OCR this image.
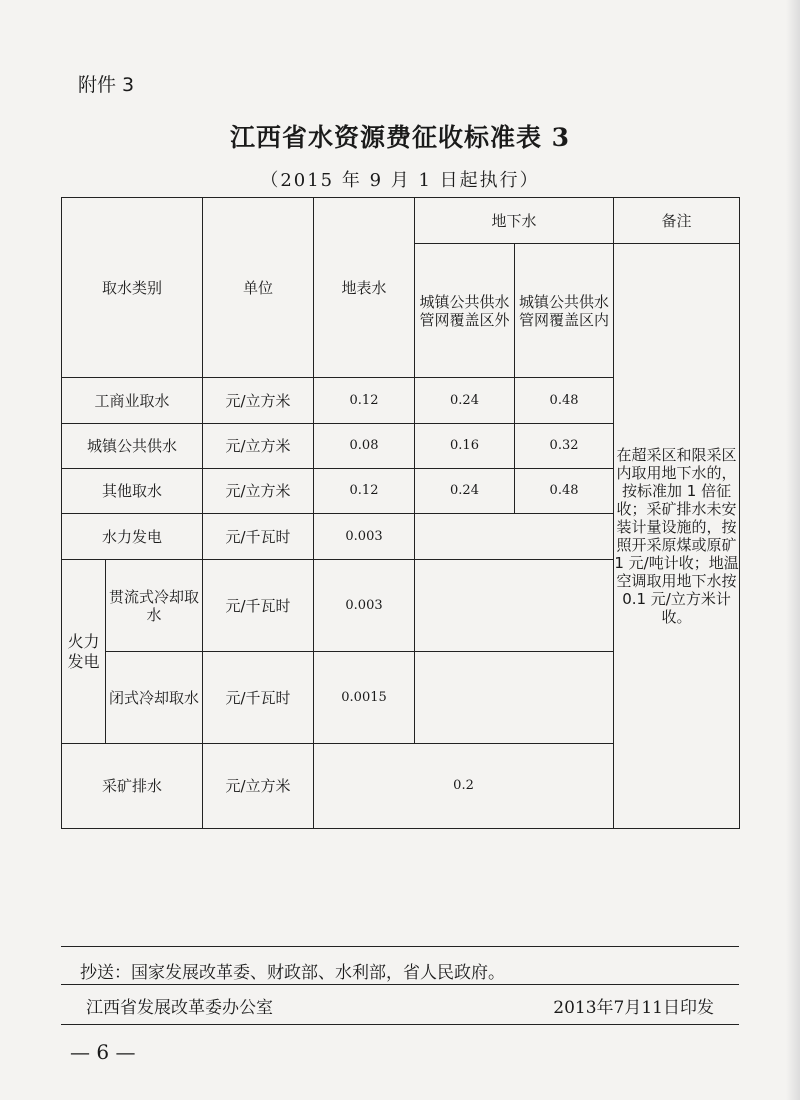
附件 3
江西省水资源费征收标准表 3
（2015 年 9 月 1 日起执行）
取水类别		单位	地表水	地下水		备注
				城镇公共供水管网覆盖区外	城镇公共供水管网覆盖区内	在超采区和限采区内取用地下水的，按标准加 1 倍征收；采矿排水未安装计量设施的，按照开采原煤或原矿 1 元/吨计收；地温空调取用地下水按 0.1 元/立方米计收。
工商业取水		元/立方米	0.12	0.24	0.48	
城镇公共供水		元/立方米	0.08	0.16	0.32	
其他取水		元/立方米	0.12	0.24	0.48	
水力发电		元/千瓦时	0.003			
火力发电	贯流式冷却取水	元/千瓦时	0.003			
	闭式冷却取水	元/千瓦时	0.0015			
采矿排水		元/立方米	0.2			
抄送：国家发展改革委、财政部、水利部，省人民政府。
江西省发展改革委办公室	2013年7月11日印发
— 6 —
